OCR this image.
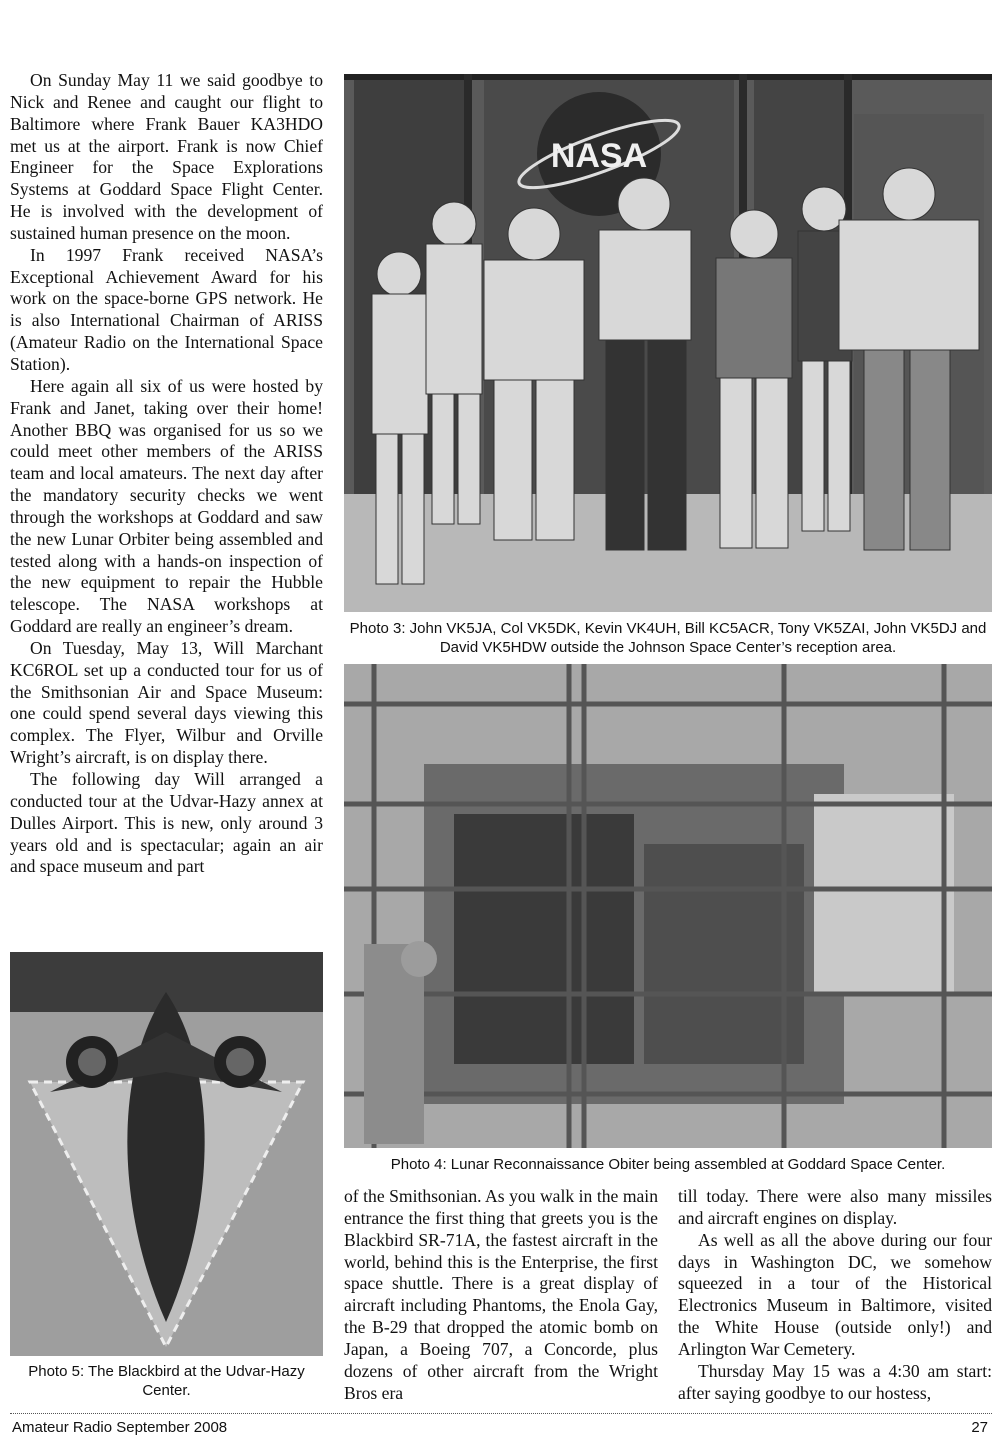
On Sunday May 11 we said goodbye to Nick and Renee and caught our flight to Baltimore where Frank Bauer KA3HDO met us at the airport. Frank is now Chief Engineer for the Space Explorations Systems at Goddard Space Flight Center. He is involved with the development of sustained human presence on the moon.

In 1997 Frank received NASA’s Exceptional Achievement Award for his work on the space-borne GPS network. He is also International Chairman of ARISS (Amateur Radio on the International Space Station).

Here again all six of us were hosted by Frank and Janet, taking over their home! Another BBQ was organised for us so we could meet other members of the ARISS team and local amateurs. The next day after the mandatory security checks we went through the workshops at Goddard and saw the new Lunar Orbiter being assembled and tested along with a hands-on inspection of the new equipment to repair the Hubble telescope. The NASA workshops at Goddard are really an engineer’s dream.

On Tuesday, May 13, Will Marchant KC6ROL set up a conducted tour for us of the Smithsonian Air and Space Museum: one could spend several days viewing this complex. The Flyer, Wilbur and Orville Wright’s aircraft, is on display there.

The following day Will arranged a conducted tour at the Udvar-Hazy annex at Dulles Airport. This is new, only around 3 years old and is spectacular; again an air and space museum and part

NASA

Photo 3: John VK5JA, Col VK5DK, Kevin VK4UH, Bill KC5ACR, Tony VK5ZAI, John VK5DJ and David VK5HDW outside the Johnson Space Center’s reception area.

Photo 4: Lunar Reconnaissance Obiter being assembled at Goddard Space Center.

Photo 5: The Blackbird at the Udvar-Hazy Center.

of the Smithsonian. As you walk in the main entrance the first thing that greets you is the Blackbird SR-71A, the fastest aircraft in the world, behind this is the Enterprise, the first space shuttle. There is a great display of aircraft including Phantoms, the Enola Gay, the B-29 that dropped the atomic bomb on Japan, a Boeing 707, a Concorde, plus dozens of other aircraft from the Wright Bros era

till today. There were also many missiles and aircraft engines on display.

As well as all the above during our four days in Washington DC, we somehow squeezed in a tour of the Historical Electronics Museum in Baltimore, visited the White House (outside only!) and Arlington War Cemetery.

Thursday May 15 was a 4:30 am start: after saying goodbye to our hostess,

Amateur Radio September 2008	27
